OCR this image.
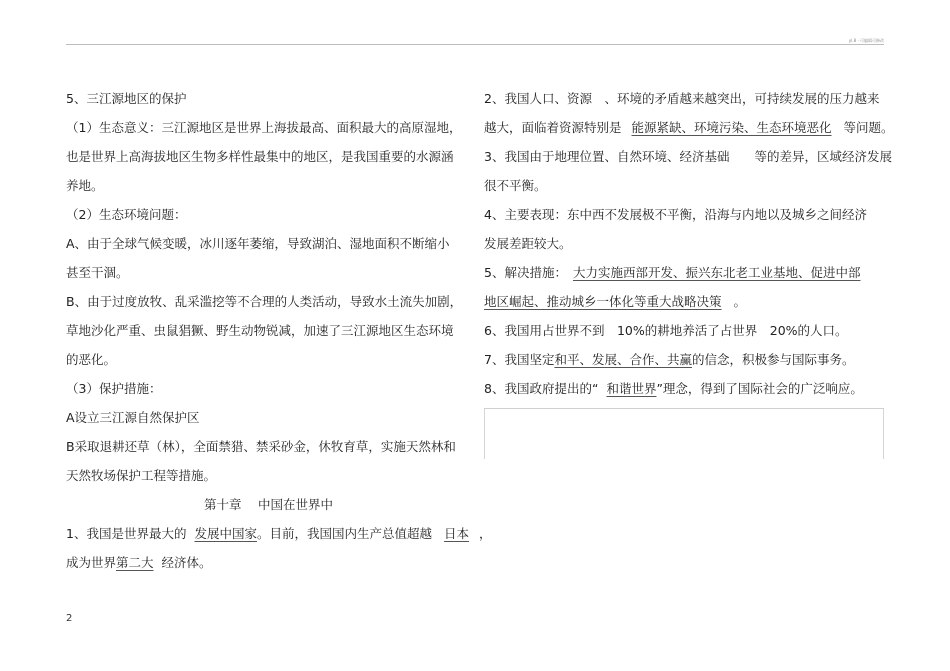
yl.8 · 可编辑可修改
5、三江源地区的保护
（1）生态意义：三江源地区是世界上海拔最高、面积最大的高原湿地，
也是世界上高海拔地区生物多样性最集中的地区，是我国重要的水源涵
养地。
（2）生态环境问题：
A、由于全球气候变暖，冰川逐年萎缩，导致湖泊、湿地面积不断缩小
甚至干涸。
B、由于过度放牧、乱采滥挖等不合理的人类活动，导致水土流失加剧，
草地沙化严重、虫鼠猖獗、野生动物锐减，加速了三江源地区生态环境
的恶化。
（3）保护措施：
A设立三江源自然保护区
B采取退耕还草（林），全面禁猎、禁采砂金，休牧育草，实施天然林和
天然牧场保护工程等措施。
第十章　 中国在世界中
1、我国是世界最大的 发展中国家。目前，我国国内生产总值超越 日本 ，
成为世界第二大 经济体。
2、我国人口、资源　、环境的矛盾越来越突出，可持续发展的压力越来
越大，面临着资源特别是 能源紧缺、环境污染、生态环境恶化 等问题。
3、我国由于地理位置、自然环境、经济基础　　等的差异，区域经济发展
很不平衡。
4、主要表现：东中西不发展极不平衡，沿海与内地以及城乡之间经济
发展差距较大。
5、解决措施： 大力实施西部开发、振兴东北老工业基地、促进中部
地区崛起、推动城乡一体化等重大战略决策 。
6、我国用占世界不到　10%的耕地养活了占世界　20%的人口。
7、我国坚定和平、发展、合作、共赢的信念，积极参与国际事务。
8、我国政府提出的“ 和谐世界”理念，得到了国际社会的广泛响应。
2
